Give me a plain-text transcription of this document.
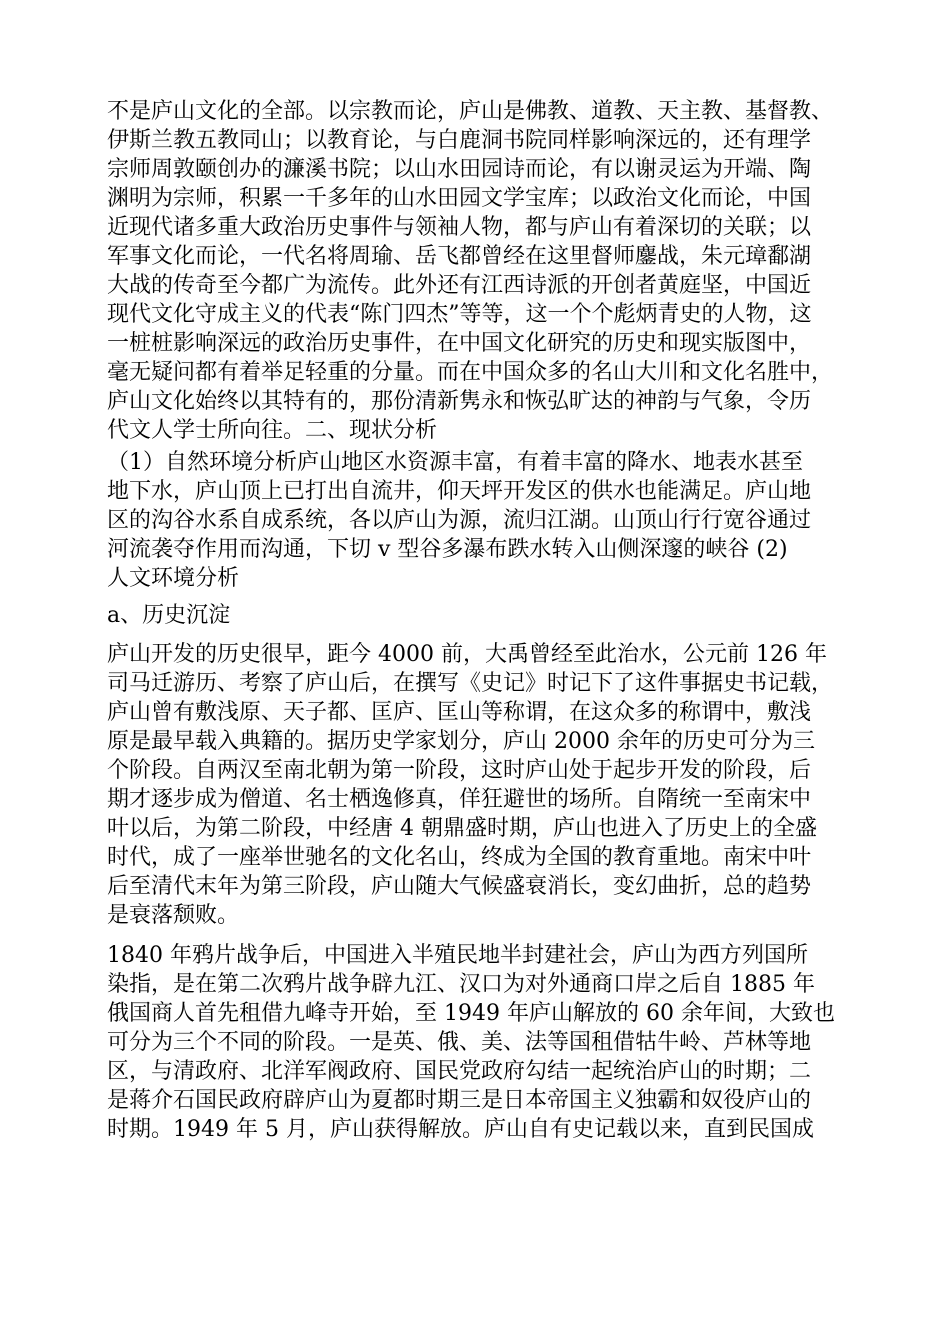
不是庐山文化的全部。以宗教而论，庐山是佛教、道教、天主教、基督教、
伊斯兰教五教同山；以教育论，与白鹿洞书院同样影响深远的，还有理学
宗师周敦颐创办的濂溪书院；以山水田园诗而论，有以谢灵运为开端、陶
渊明为宗师，积累一千多年的山水田园文学宝库；以政治文化而论，中国
近现代诸多重大政治历史事件与领袖人物，都与庐山有着深切的关联；以
军事文化而论，一代名将周瑜、岳飞都曾经在这里督师鏖战，朱元璋鄱湖
大战的传奇至今都广为流传。此外还有江西诗派的开创者黄庭坚，中国近
现代文化守成主义的代表“陈门四杰”等等，这一个个彪炳青史的人物，这
一桩桩影响深远的政治历史事件，在中国文化研究的历史和现实版图中，
毫无疑问都有着举足轻重的分量。而在中国众多的名山大川和文化名胜中，
庐山文化始终以其特有的，那份清新隽永和恢弘旷达的神韵与气象，令历
代文人学士所向往。二、现状分析
（1）自然环境分析庐山地区水资源丰富，有着丰富的降水、地表水甚至
地下水，庐山顶上已打出自流井，仰天坪开发区的供水也能满足。庐山地
区的沟谷水系自成系统，各以庐山为源，流归江湖。山顶山行行宽谷通过
河流袭夺作用而沟通，下切 v 型谷多瀑布跌水转入山侧深邃的峡谷 (2)
人文环境分析
a、历史沉淀
庐山开发的历史很早，距今 4000 前，大禹曾经至此治水，公元前 126 年
司马迁游历、考察了庐山后，在撰写《史记》时记下了这件事据史书记载，
庐山曾有敷浅原、天子都、匡庐、匡山等称谓，在这众多的称谓中，敷浅
原是最早载入典籍的。据历史学家划分，庐山 2000 余年的历史可分为三
个阶段。自两汉至南北朝为第一阶段，这时庐山处于起步开发的阶段，后
期才逐步成为僧道、名士栖逸修真，佯狂避世的场所。自隋统一至南宋中
叶以后，为第二阶段，中经唐 4 朝鼎盛时期，庐山也进入了历史上的全盛
时代，成了一座举世驰名的文化名山，终成为全国的教育重地。南宋中叶
后至清代末年为第三阶段，庐山随大气候盛衰消长，变幻曲折，总的趋势
是衰落颓败。
1840 年鸦片战争后，中国进入半殖民地半封建社会，庐山为西方列国所
染指，是在第二次鸦片战争辟九江、汉口为对外通商口岸之后自 1885 年
俄国商人首先租借九峰寺开始，至 1949 年庐山解放的 60 余年间，大致也
可分为三个不同的阶段。一是英、俄、美、法等国租借牯牛岭、芦林等地
区，与清政府、北洋军阀政府、国民党政府勾结一起统治庐山的时期；二
是蒋介石国民政府辟庐山为夏都时期三是日本帝国主义独霸和奴役庐山的
时期。1949 年 5 月，庐山获得解放。庐山自有史记载以来，直到民国成
